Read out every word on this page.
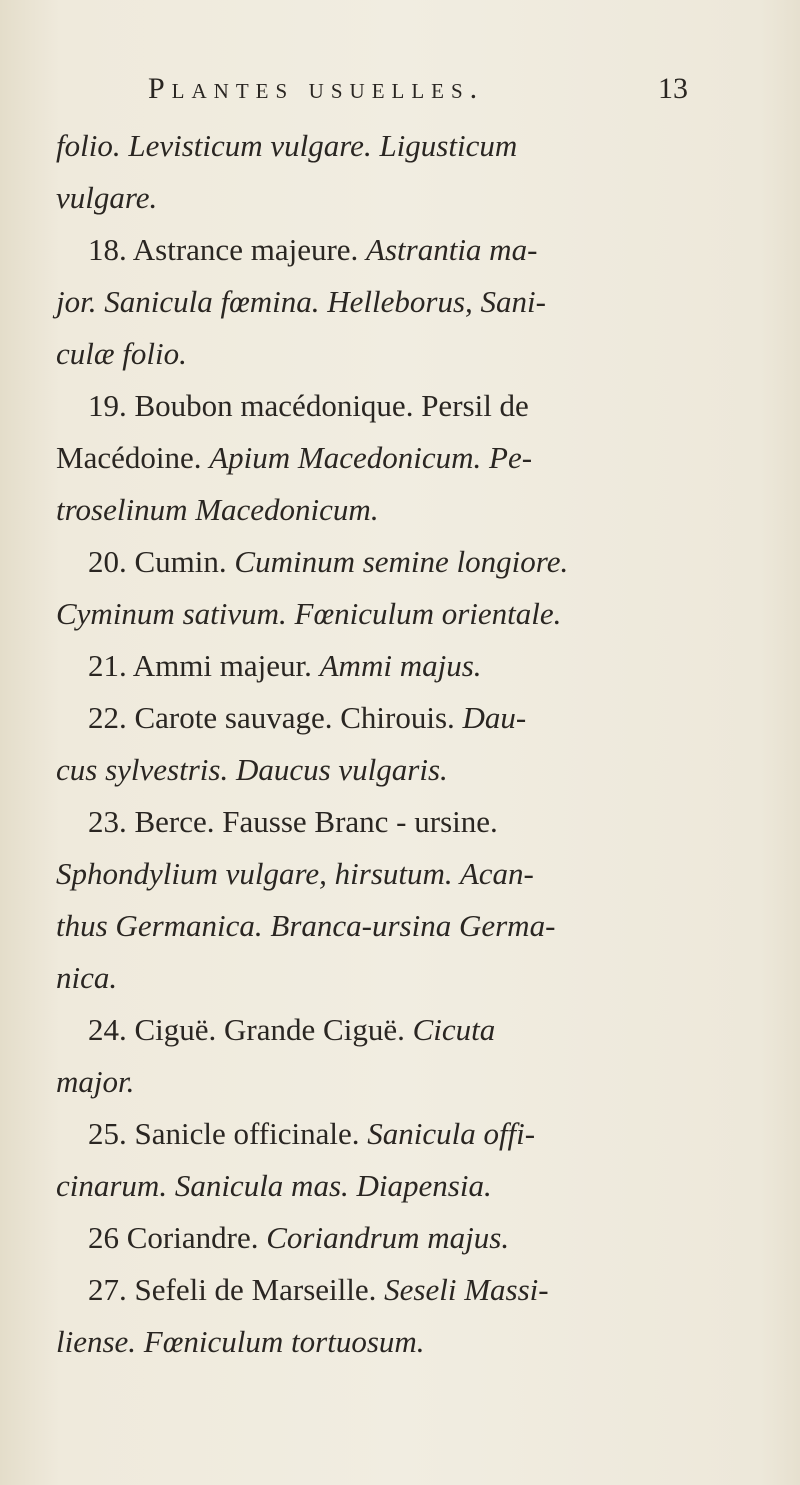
Plantes usuelles.	13
folio. Levisticum vulgare. Ligusticum
vulgare.
18. Astrance majeure. Astrantia ma-
jor. Sanicula fœmina. Helleborus, Sani-
culæ folio.
19. Boubon macédonique. Persil de
Macédoine. Apium Macedonicum. Pe-
troselinum Macedonicum.
20. Cumin. Cuminum semine longiore.
Cyminum sativum. Fœniculum orientale.
21. Ammi majeur. Ammi majus.
22. Carote sauvage. Chirouis. Dau-
cus sylvestris. Daucus vulgaris.
23. Berce. Fausse Branc - ursine.
Sphondylium vulgare, hirsutum. Acan-
thus Germanica. Branca-ursina Germa-
nica.
24. Ciguë. Grande Ciguë. Cicuta
major.
25. Sanicle officinale. Sanicula offi-
cinarum. Sanicula mas. Diapensia.
26 Coriandre. Coriandrum majus.
27. Sefeli de Marseille. Seseli Massi-
liense. Fœniculum tortuosum.
